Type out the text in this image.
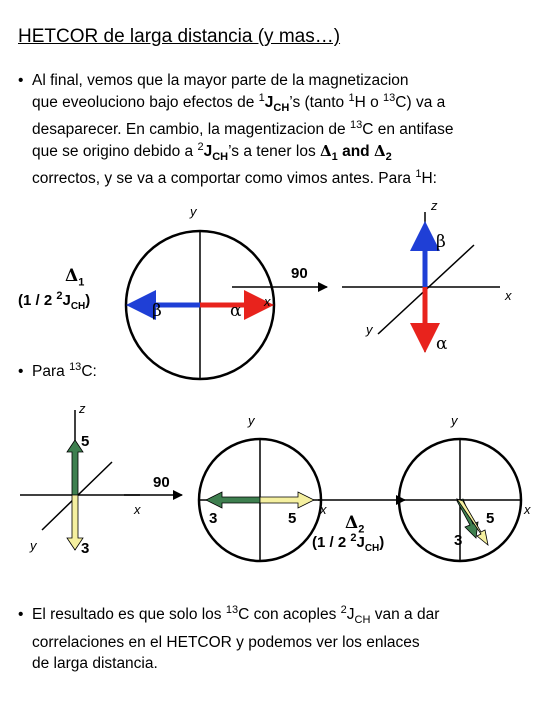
HETCOR de larga distancia (y mas…)
• Al final, vemos que la mayor parte de la magnetizacion
que eveoluciono bajo efectos de $^1J_{CH}’s$ (tanto $^1$H o $^{13}$C) va a
desaparecer. En cambio, la magentizacion de $^{13}$C en antifase
que se origino debido a $^2J_{CH}’s$ a tener los $\Delta_1$ and $\Delta_2$
correctos, y se va a comportar como vimos antes. Para $^1$H:
$\Delta_1$
(1 / 2 $^2J_{CH}$)
y
x
β	α
90
z
x
y
β
α
• Para $^{13}$C:
z
x
y
5
3
90
y
x
3	5	$\Delta_2$
(1 / 2 $^2J_{CH}$)
y
x
5
3
• El resultado es que solo los $^{13}$C con acoples $^2J_{CH}$ van a dar
correlaciones en el HETCOR y podemos ver los enlaces
de larga distancia.
